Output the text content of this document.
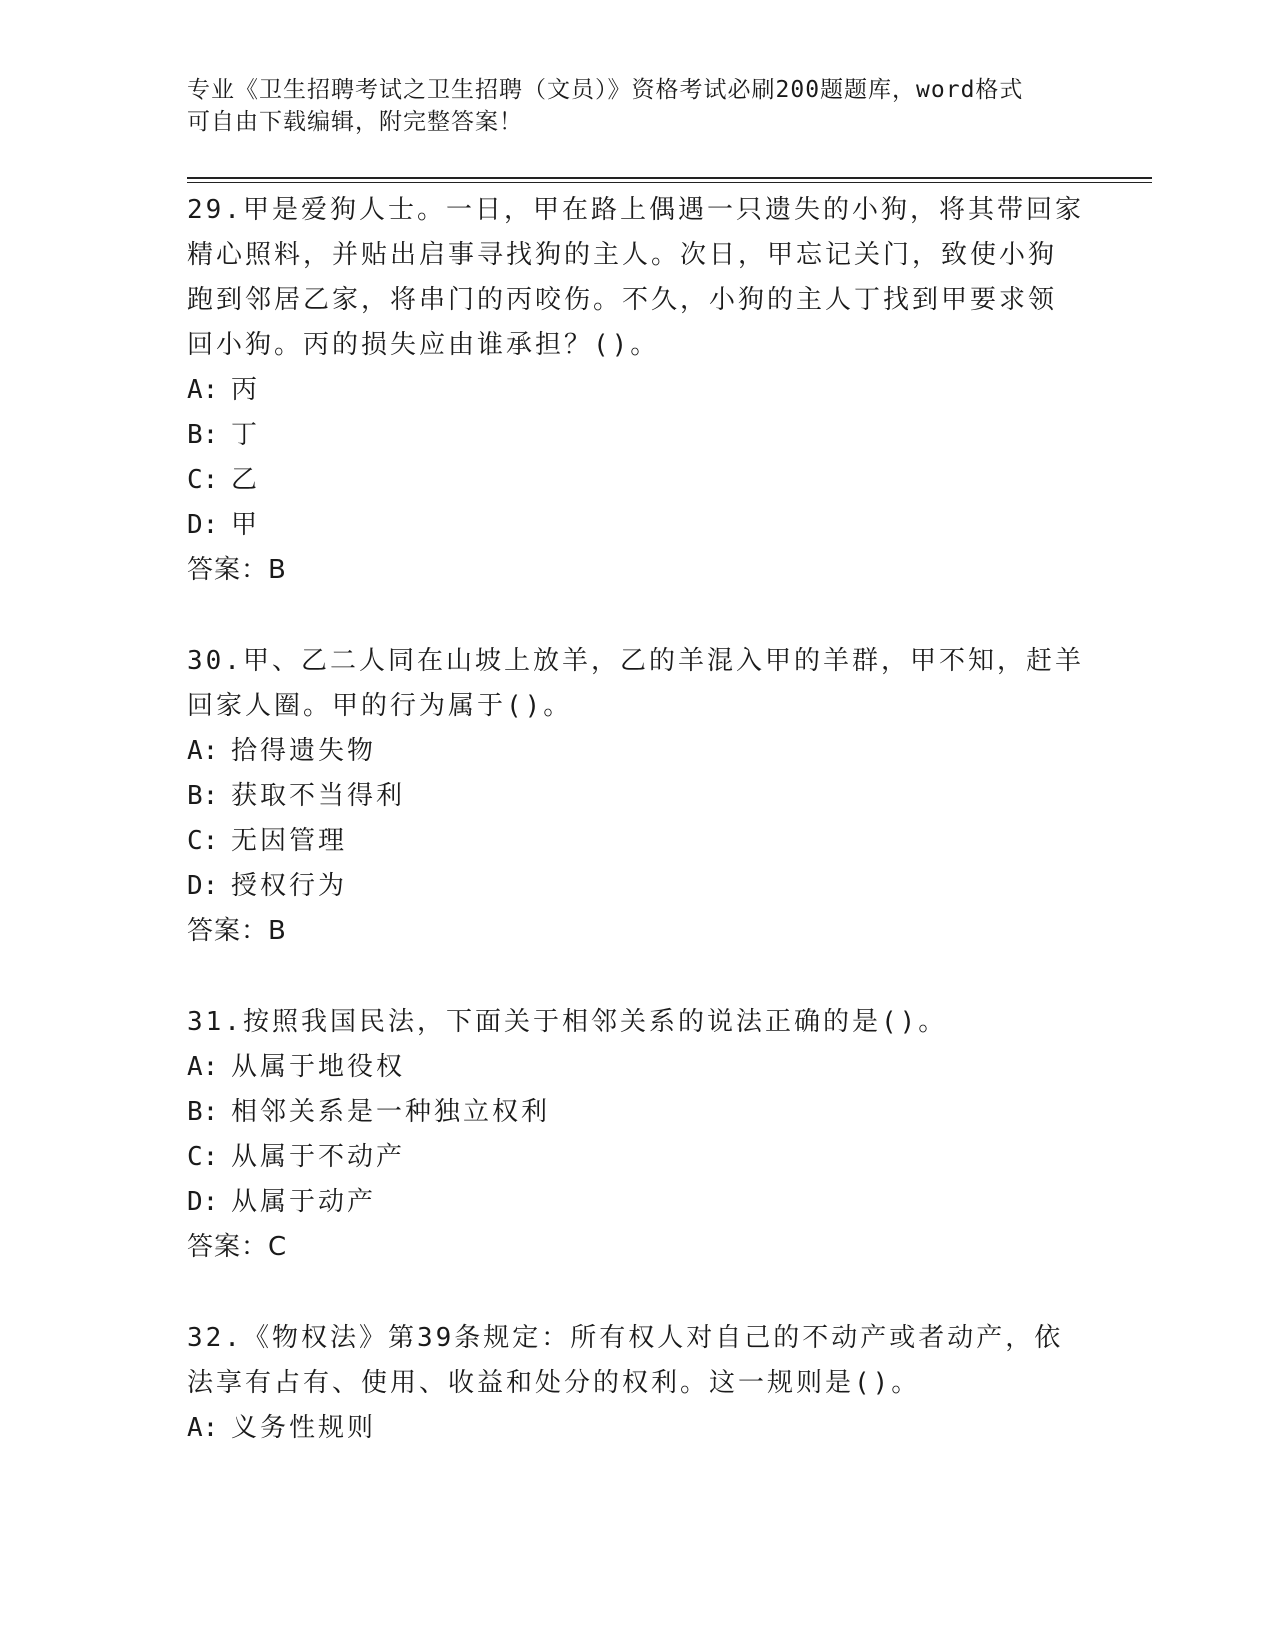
专业《卫生招聘考试之卫生招聘（文员）》资格考试必刷200题题库，word格式
可自由下载编辑，附完整答案！
29.甲是爱狗人士。一日，甲在路上偶遇一只遗失的小狗，将其带回家
精心照料，并贴出启事寻找狗的主人。次日，甲忘记关门，致使小狗
跑到邻居乙家，将串门的丙咬伤。不久，小狗的主人丁找到甲要求领
回小狗。丙的损失应由谁承担？()。
A: 丙
B: 丁
C: 乙
D: 甲
答案：B
30.甲、乙二人同在山坡上放羊，乙的羊混入甲的羊群，甲不知，赶羊
回家人圈。甲的行为属于()。
A: 拾得遗失物
B: 获取不当得利
C: 无因管理
D: 授权行为
答案：B
31.按照我国民法，下面关于相邻关系的说法正确的是()。
A: 从属于地役权
B: 相邻关系是一种独立权利
C: 从属于不动产
D: 从属于动产
答案：C
32.《物权法》第39条规定：所有权人对自己的不动产或者动产，依
法享有占有、使用、收益和处分的权利。这一规则是()。
A: 义务性规则
